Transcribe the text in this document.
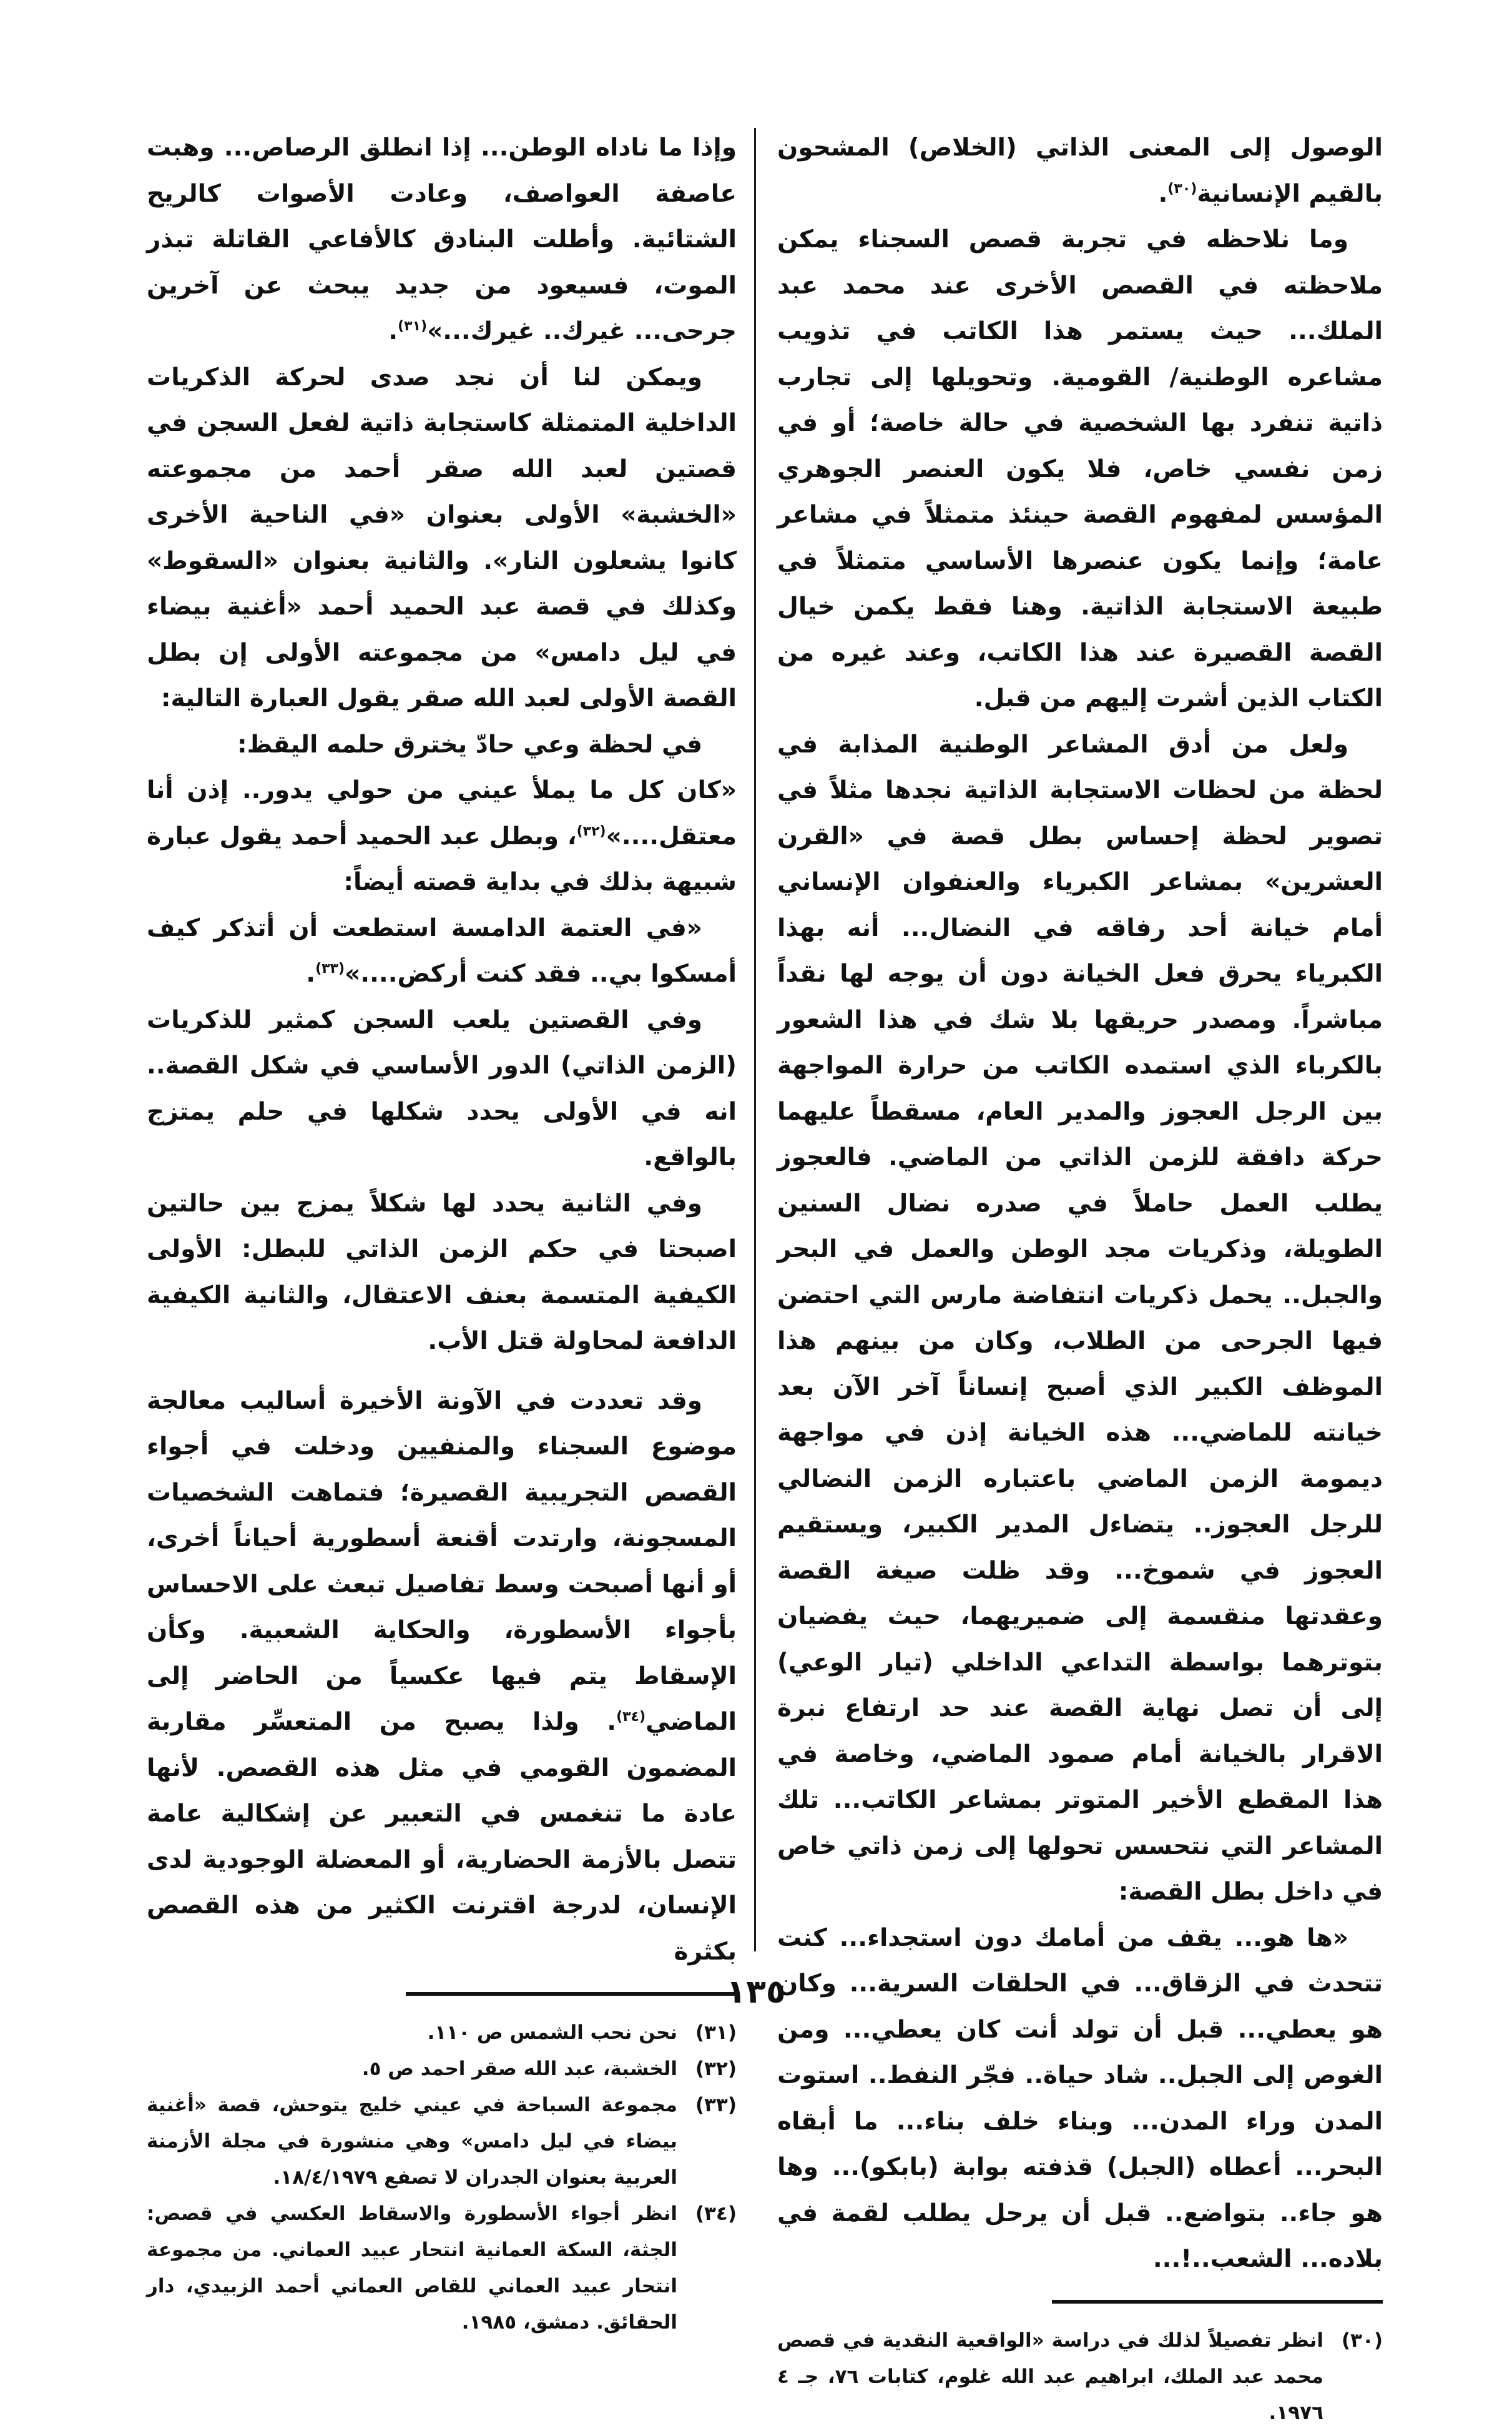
الوصول إلى المعنى الذاتي (الخلاص) المشحون بالقيم الإنسانية$^{(٣٠)}$.

وما نلاحظه في تجربة قصص السجناء يمكن ملاحظته في القصص الأخرى عند محمد عبد الملك... حيث يستمر هذا الكاتب في تذويب مشاعره الوطنية/ القومية. وتحويلها إلى تجارب ذاتية تنفرد بها الشخصية في حالة خاصة؛ أو في زمن نفسي خاص، فلا يكون العنصر الجوهري المؤسس لمفهوم القصة حينئذ متمثلاً في مشاعر عامة؛ وإنما يكون عنصرها الأساسي متمثلاً في طبيعة الاستجابة الذاتية. وهنا فقط يكمن خيال القصة القصيرة عند هذا الكاتب، وعند غيره من الكتاب الذين أشرت إليهم من قبل.

ولعل من أدق المشاعر الوطنية المذابة في لحظة من لحظات الاستجابة الذاتية نجدها مثلاً في تصوير لحظة إحساس بطل قصة في «القرن العشرين» بمشاعر الكبرياء والعنفوان الإنساني أمام خيانة أحد رفاقه في النضال... أنه بهذا الكبرياء يحرق فعل الخيانة دون أن يوجه لها نقداً مباشراً. ومصدر حريقها بلا شك في هذا الشعور بالكرباء الذي استمده الكاتب من حرارة المواجهة بين الرجل العجوز والمدير العام، مسقطاً عليهما حركة دافقة للزمن الذاتي من الماضي. فالعجوز يطلب العمل حاملاً في صدره نضال السنين الطويلة، وذكريات مجد الوطن والعمل في البحر والجبل.. يحمل ذكريات انتفاضة مارس التي احتضن فيها الجرحى من الطلاب، وكان من بينهم هذا الموظف الكبير الذي أصبح إنساناً آخر الآن بعد خيانته للماضي... هذه الخيانة إذن في مواجهة ديمومة الزمن الماضي باعتباره الزمن النضالي للرجل العجوز.. يتضاءل المدير الكبير، ويستقيم العجوز في شموخ... وقد ظلت صيغة القصة وعقدتها منقسمة إلى ضميريهما، حيث يفضيان بتوترهما بواسطة التداعي الداخلي (تيار الوعي) إلى أن تصل نهاية القصة عند حد ارتفاع نبرة الاقرار بالخيانة أمام صمود الماضي، وخاصة في هذا المقطع الأخير المتوتر بمشاعر الكاتب... تلك المشاعر التي نتحسس تحولها إلى زمن ذاتي خاص في داخل بطل القصة:

«ها هو... يقف من أمامك دون استجداء... كنت تتحدث في الزقاق... في الحلقات السرية... وكان هو يعطي... قبل أن تولد أنت كان يعطي... ومن الغوص إلى الجبل.. شاد حياة.. فجّر النفط.. استوت المدن وراء المدن... وبناء خلف بناء... ما أبقاه البحر... أعطاه (الجبل) قذفته بوابة (بابكو)... وها هو جاء.. بتواضع.. قبل أن يرحل يطلب لقمة في بلاده... الشعب..!...

(٣٠)
انظر تفصيلاً لذلك في دراسة «الواقعية النقدية في قصص محمد عبد الملك، ابراهيم عبد الله غلوم، كتابات ٧٦، جـ ٤ ١٩٧٦.

وإذا ما ناداه الوطن... إذا انطلق الرصاص... وهبت عاصفة العواصف، وعادت الأصوات كالريح الشتائية. وأطلت البنادق كالأفاعي القاتلة تبذر الموت، فسيعود من جديد يبحث عن آخرين جرحى... غيرك.. غيرك...»$^{(٣١)}$.

ويمكن لنا أن نجد صدى لحركة الذكريات الداخلية المتمثلة كاستجابة ذاتية لفعل السجن في قصتين لعبد الله صقر أحمد من مجموعته «الخشبة» الأولى بعنوان «في الناحية الأخرى كانوا يشعلون النار». والثانية بعنوان «السقوط» وكذلك في قصة عبد الحميد أحمد «أغنية بيضاء في ليل دامس» من مجموعته الأولى إن بطل القصة الأولى لعبد الله صقر يقول العبارة التالية:

في لحظة وعي حادّ يخترق حلمه اليقظ:

«كان كل ما يملأ عيني من حولي يدور.. إذن أنا معتقل....»$^{(٣٢)}$، وبطل عبد الحميد أحمد يقول عبارة شبيهة بذلك في بداية قصته أيضاً:

«في العتمة الدامسة استطعت أن أتذكر كيف أمسكوا بي.. فقد كنت أركض....»$^{(٣٣)}$.

وفي القصتين يلعب السجن كمثير للذكريات (الزمن الذاتي) الدور الأساسي في شكل القصة.. انه في الأولى يحدد شكلها في حلم يمتزج بالواقع.

وفي الثانية يحدد لها شكلاً يمزج بين حالتين اصبحتا في حكم الزمن الذاتي للبطل: الأولى الكيفية المتسمة بعنف الاعتقال، والثانية الكيفية الدافعة لمحاولة قتل الأب.

وقد تعددت في الآونة الأخيرة أساليب معالجة موضوع السجناء والمنفيين ودخلت في أجواء القصص التجريبية القصيرة؛ فتماهت الشخصيات المسجونة، وارتدت أقنعة أسطورية أحياناً أخرى، أو أنها أصبحت وسط تفاصيل تبعث على الاحساس بأجواء الأسطورة، والحكاية الشعبية. وكأن الإسقاط يتم فيها عكسياً من الحاضر إلى الماضي$^{(٣٤)}$. ولذا يصبح من المتعسِّر مقاربة المضمون القومي في مثل هذه القصص. لأنها عادة ما تنغمس في التعبير عن إشكالية عامة تتصل بالأزمة الحضارية، أو المعضلة الوجودية لدى الإنسان، لدرجة اقترنت الكثير من هذه القصص بكثرة

(٣١)
نحن نحب الشمس ص ١١٠.
(٣٢)
الخشبة، عبد الله صقر احمد ص ٥.
(٣٣)
مجموعة السباحة في عيني خليج يتوحش، قصة «أغنية بيضاء في ليل دامس» وهي منشورة في مجلة الأزمنة العربية بعنوان الجدران لا تصفع ١٨/٤/١٩٧٩.
(٣٤)
انظر أجواء الأسطورة والاسقاط العكسي في قصص: الجثة، السكة العمانية انتحار عبيد العماني. من مجموعة انتحار عبيد العماني للقاص العماني أحمد الزبيدي، دار الحقائق. دمشق، ١٩٨٥.
١٣٥
